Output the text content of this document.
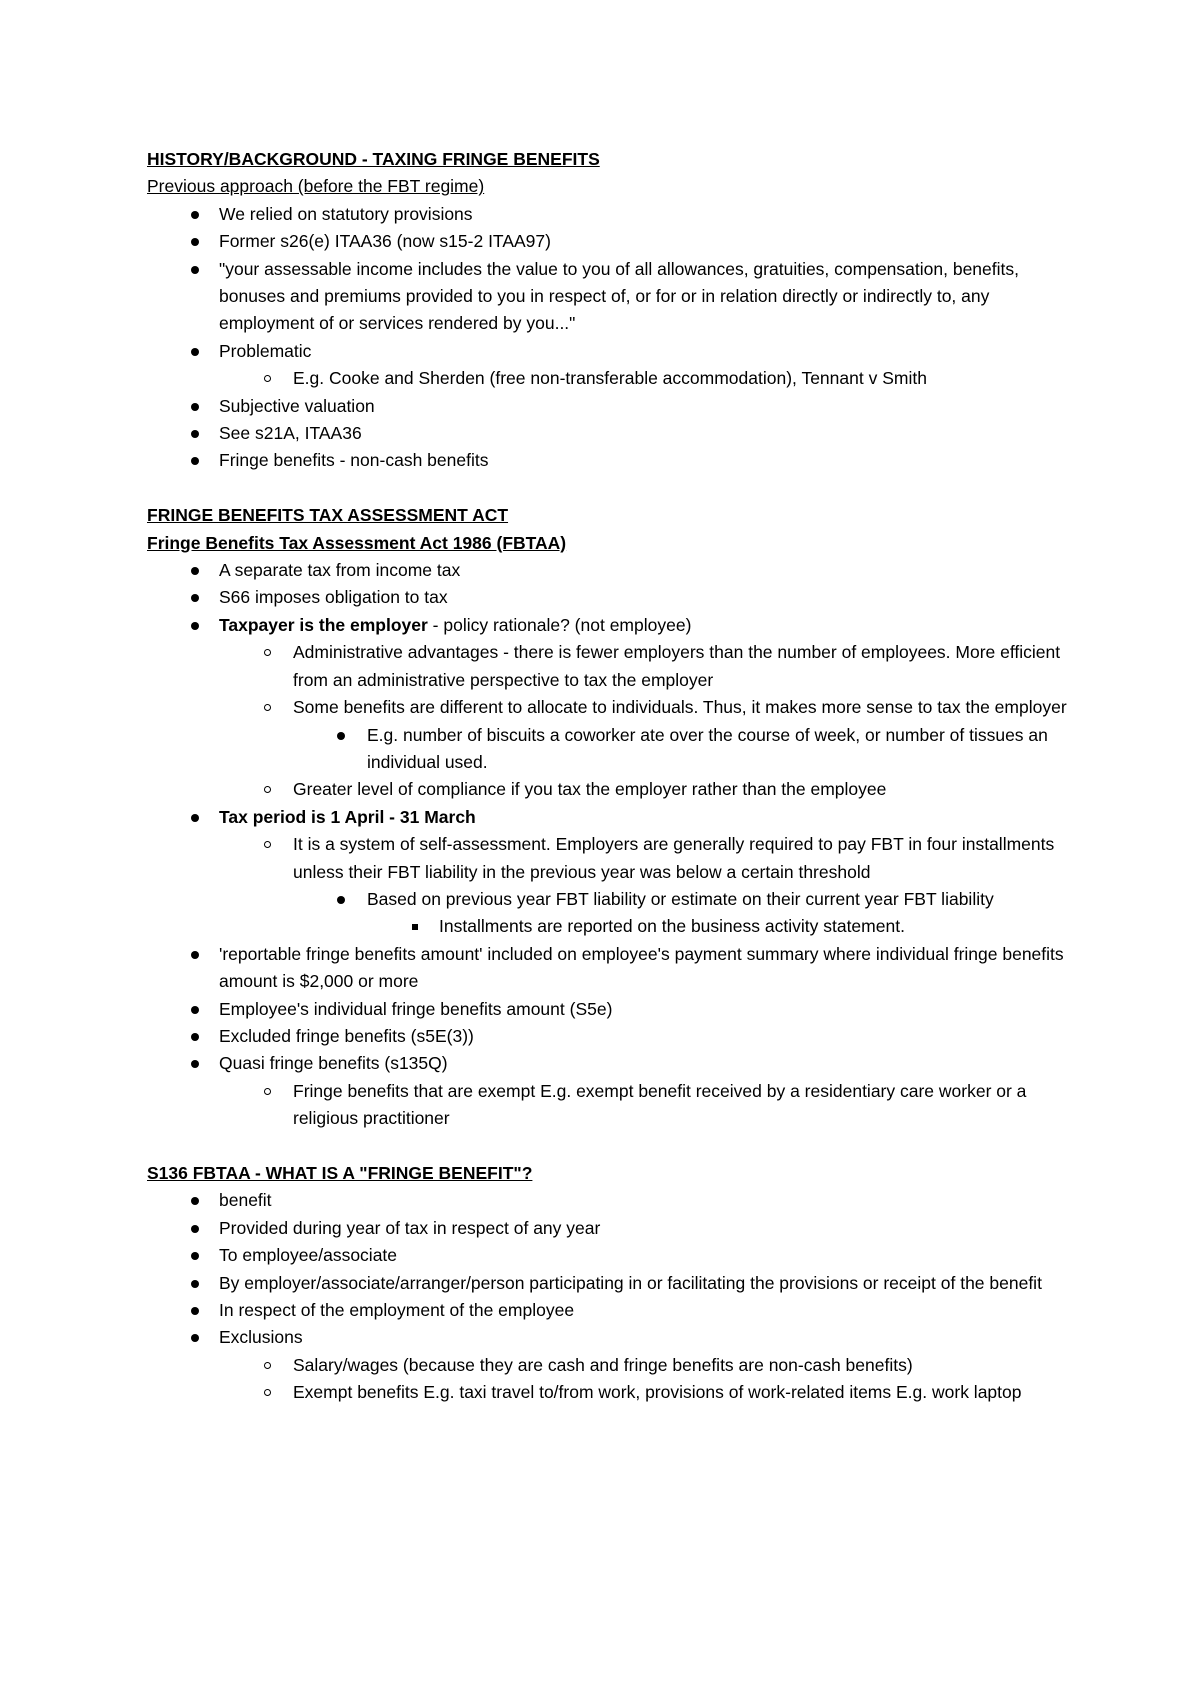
HISTORY/BACKGROUND - TAXING FRINGE BENEFITS
Previous approach (before the FBT regime)
We relied on statutory provisions
Former s26(e) ITAA36 (now s15-2 ITAA97)
"your assessable income includes the value to you of all allowances, gratuities, compensation, benefits, bonuses and premiums provided to you in respect of, or for or in relation directly or indirectly to, any employment of or services rendered by you..."
Problematic
E.g. Cooke and Sherden (free non-transferable accommodation), Tennant v Smith
Subjective valuation
See s21A, ITAA36
Fringe benefits - non-cash benefits
FRINGE BENEFITS TAX ASSESSMENT ACT
Fringe Benefits Tax Assessment Act 1986 (FBTAA)
A separate tax from income tax
S66 imposes obligation to tax
Taxpayer is the employer - policy rationale? (not employee)
Administrative advantages - there is fewer employers than the number of employees. More efficient from an administrative perspective to tax the employer
Some benefits are different to allocate to individuals. Thus, it makes more sense to tax the employer
E.g. number of biscuits a coworker ate over the course of week, or number of tissues an individual used.
Greater level of compliance if you tax the employer rather than the employee
Tax period is 1 April - 31 March
It is a system of self-assessment. Employers are generally required to pay FBT in four installments unless their FBT liability in the previous year was below a certain threshold
Based on previous year FBT liability or estimate on their current year FBT liability
Installments are reported on the business activity statement.
'reportable fringe benefits amount' included on employee's payment summary where individual fringe benefits amount is $2,000 or more
Employee's individual fringe benefits amount (S5e)
Excluded fringe benefits (s5E(3))
Quasi fringe benefits (s135Q)
Fringe benefits that are exempt E.g. exempt benefit received by a residentiary care worker or a religious practitioner
S136 FBTAA - WHAT IS A "FRINGE BENEFIT"?
benefit
Provided during year of tax in respect of any year
To employee/associate
By employer/associate/arranger/person participating in or facilitating the provisions or receipt of the benefit
In respect of the employment of the employee
Exclusions
Salary/wages (because they are cash and fringe benefits are non-cash benefits)
Exempt benefits E.g. taxi travel to/from work, provisions of work-related items E.g. work laptop
